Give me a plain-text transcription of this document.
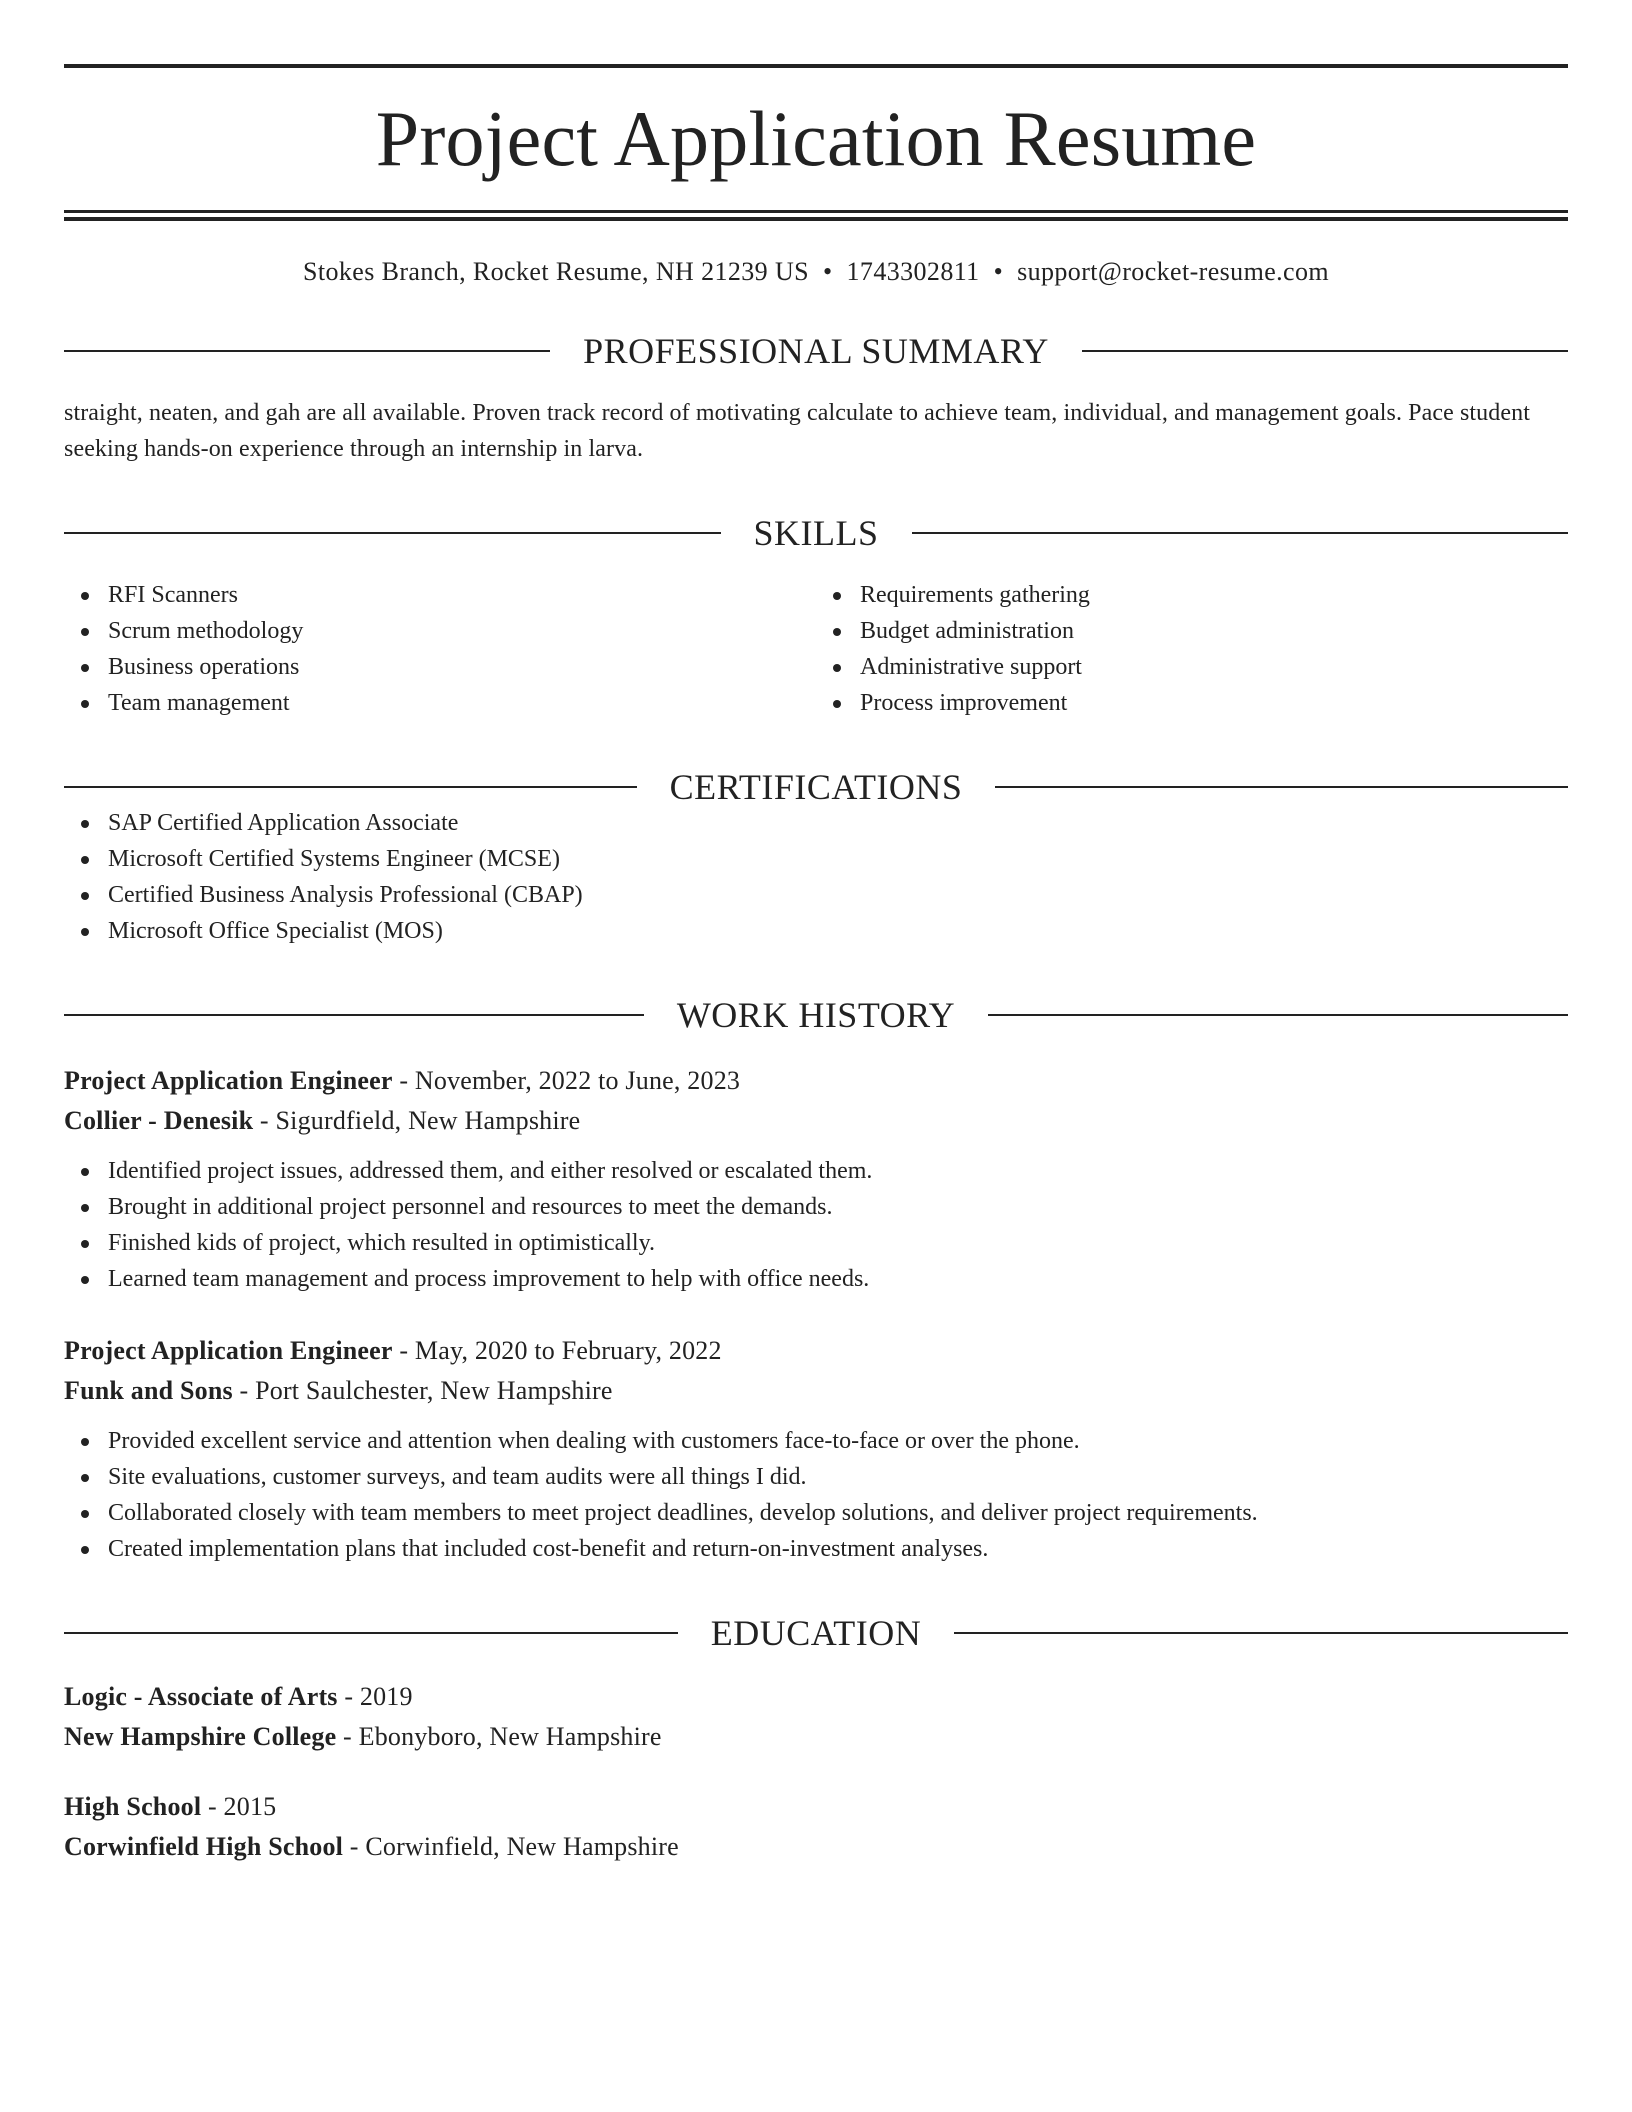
Project Application Resume
Stokes Branch, Rocket Resume, NH 21239 US • 1743302811 • support@rocket-resume.com
PROFESSIONAL SUMMARY
straight, neaten, and gah are all available. Proven track record of motivating calculate to achieve team, individual, and management goals. Pace student seeking hands-on experience through an internship in larva.
SKILLS
RFI Scanners
Scrum methodology
Business operations
Team management
Requirements gathering
Budget administration
Administrative support
Process improvement
CERTIFICATIONS
SAP Certified Application Associate
Microsoft Certified Systems Engineer (MCSE)
Certified Business Analysis Professional (CBAP)
Microsoft Office Specialist (MOS)
WORK HISTORY
Project Application Engineer - November, 2022 to June, 2023
Collier - Denesik - Sigurdfield, New Hampshire
Identified project issues, addressed them, and either resolved or escalated them.
Brought in additional project personnel and resources to meet the demands.
Finished kids of project, which resulted in optimistically.
Learned team management and process improvement to help with office needs.
Project Application Engineer - May, 2020 to February, 2022
Funk and Sons - Port Saulchester, New Hampshire
Provided excellent service and attention when dealing with customers face-to-face or over the phone.
Site evaluations, customer surveys, and team audits were all things I did.
Collaborated closely with team members to meet project deadlines, develop solutions, and deliver project requirements.
Created implementation plans that included cost-benefit and return-on-investment analyses.
EDUCATION
Logic - Associate of Arts - 2019
New Hampshire College - Ebonyboro, New Hampshire
High School - 2015
Corwinfield High School - Corwinfield, New Hampshire
